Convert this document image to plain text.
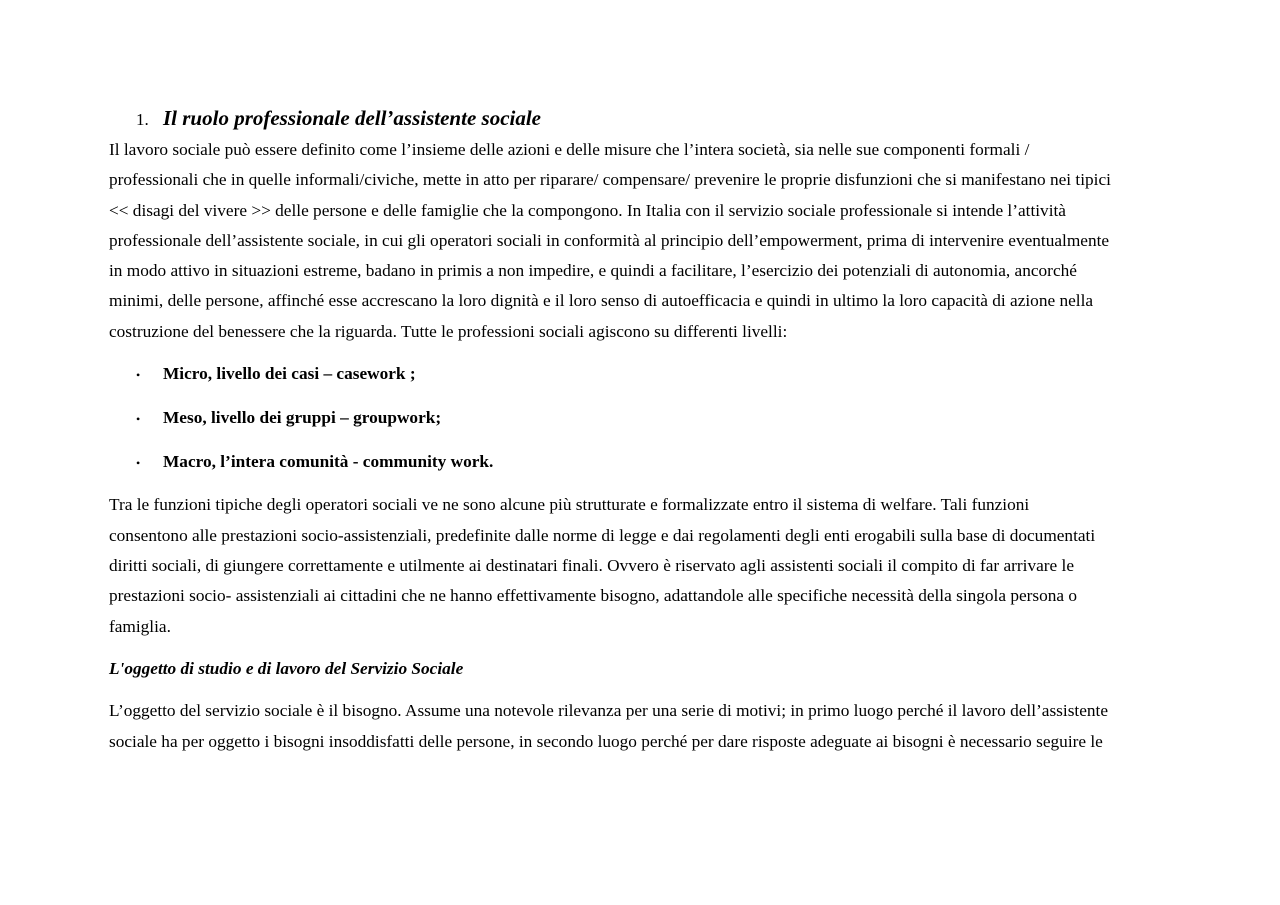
1. Il ruolo professionale dell’assistente sociale

Il lavoro sociale può essere definito come l’insieme delle azioni e delle misure che l’intera società, sia nelle sue componenti formali /
professionali che in quelle informali/civiche, mette in atto per riparare/ compensare/ prevenire le proprie disfunzioni che si manifestano nei tipici
<< disagi del vivere >> delle persone e delle famiglie che la compongono. In Italia con il servizio sociale professionale si intende l’attività
professionale dell’assistente sociale, in cui gli operatori sociali in conformità al principio dell’empowerment, prima di intervenire eventualmente
in modo attivo in situazioni estreme, badano in primis a non impedire, e quindi a facilitare, l’esercizio dei potenziali di autonomia, ancorché
minimi, delle persone, affinché esse accrescano la loro dignità e il loro senso di autoefficacia e quindi in ultimo la loro capacità di azione nella
costruzione del benessere che la riguarda. Tutte le professioni sociali agiscono su differenti livelli:

•	Micro, livello dei casi – casework ;
•	Meso, livello dei gruppi – groupwork;
•	Macro, l’intera comunità - community work.

Tra le funzioni tipiche degli operatori sociali ve ne sono alcune più strutturate e formalizzate entro il sistema di welfare. Tali funzioni
consentono alle prestazioni socio-assistenziali, predefinite dalle norme di legge e dai regolamenti degli enti erogabili sulla base di documentati
diritti sociali, di giungere correttamente e utilmente ai destinatari finali. Ovvero è riservato agli assistenti sociali il compito di far arrivare le
prestazioni socio- assistenziali ai cittadini che ne hanno effettivamente bisogno, adattandole alle specifiche necessità della singola persona o
famiglia.

L'oggetto di studio e di lavoro del Servizio Sociale

L’oggetto del servizio sociale è il bisogno. Assume una notevole rilevanza per una serie di motivi; in primo luogo perché il lavoro dell’assistente
sociale ha per oggetto i bisogni insoddisfatti delle persone, in secondo luogo perché per dare risposte adeguate ai bisogni è necessario seguire le
